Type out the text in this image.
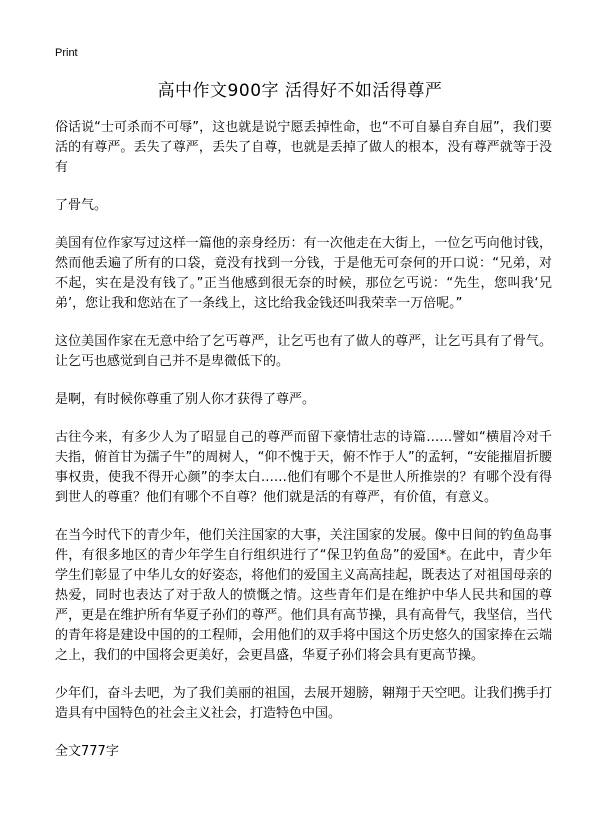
Print
高中作文900字 活得好不如活得尊严

俗话说“士可杀而不可辱”，这也就是说宁愿丢掉性命，也“不可自暴自弃自屈”，我们要活的有尊严。丢失了尊严，丢失了自尊，也就是丢掉了做人的根本，没有尊严就等于没有

了骨气。

美国有位作家写过这样一篇他的亲身经历：有一次他走在大街上，一位乞丐向他讨钱，然而他丢遍了所有的口袋，竟没有找到一分钱，于是他无可奈何的开口说：“兄弟，对不起，实在是没有钱了。”正当他感到很无奈的时候，那位乞丐说：“先生，您叫我‘兄弟’，您让我和您站在了一条线上，这比给我金钱还叫我荣幸一万倍呢。”

这位美国作家在无意中给了乞丐尊严，让乞丐也有了做人的尊严，让乞丐具有了骨气。让乞丐也感觉到自己并不是卑微低下的。

是啊，有时候你尊重了别人你才获得了尊严。

古往今来，有多少人为了昭显自己的尊严而留下豪情壮志的诗篇……譬如“横眉冷对千夫指，俯首甘为孺子牛”的周树人，“仰不愧于天，俯不怍于人”的孟轲，“安能摧眉折腰事权贵，使我不得开心颜”的李太白……他们有哪个不是世人所推崇的？有哪个没有得到世人的尊重？他们有哪个不自尊？他们就是活的有尊严，有价值，有意义。

在当今时代下的青少年，他们关注国家的大事，关注国家的发展。像中日间的钓鱼岛事件，有很多地区的青少年学生自行组织进行了“保卫钓鱼岛”的爱国*。在此中，青少年学生们彰显了中华儿女的好姿态，将他们的爱国主义高高挂起，既表达了对祖国母亲的热爱，同时也表达了对于敌人的愤慨之情。这些青年们是在维护中华人民共和国的尊严，更是在维护所有华夏子孙们的尊严。他们具有高节操，具有高骨气，我坚信，当代的青年将是建设中国的的工程师，会用他们的双手将中国这个历史悠久的国家捧在云端之上，我们的中国将会更美好，会更昌盛，华夏子孙们将会具有更高节操。

少年们，奋斗去吧，为了我们美丽的祖国，去展开翅膀，翱翔于天空吧。让我们携手打造具有中国特色的社会主义社会，打造特色中国。

全文777字
